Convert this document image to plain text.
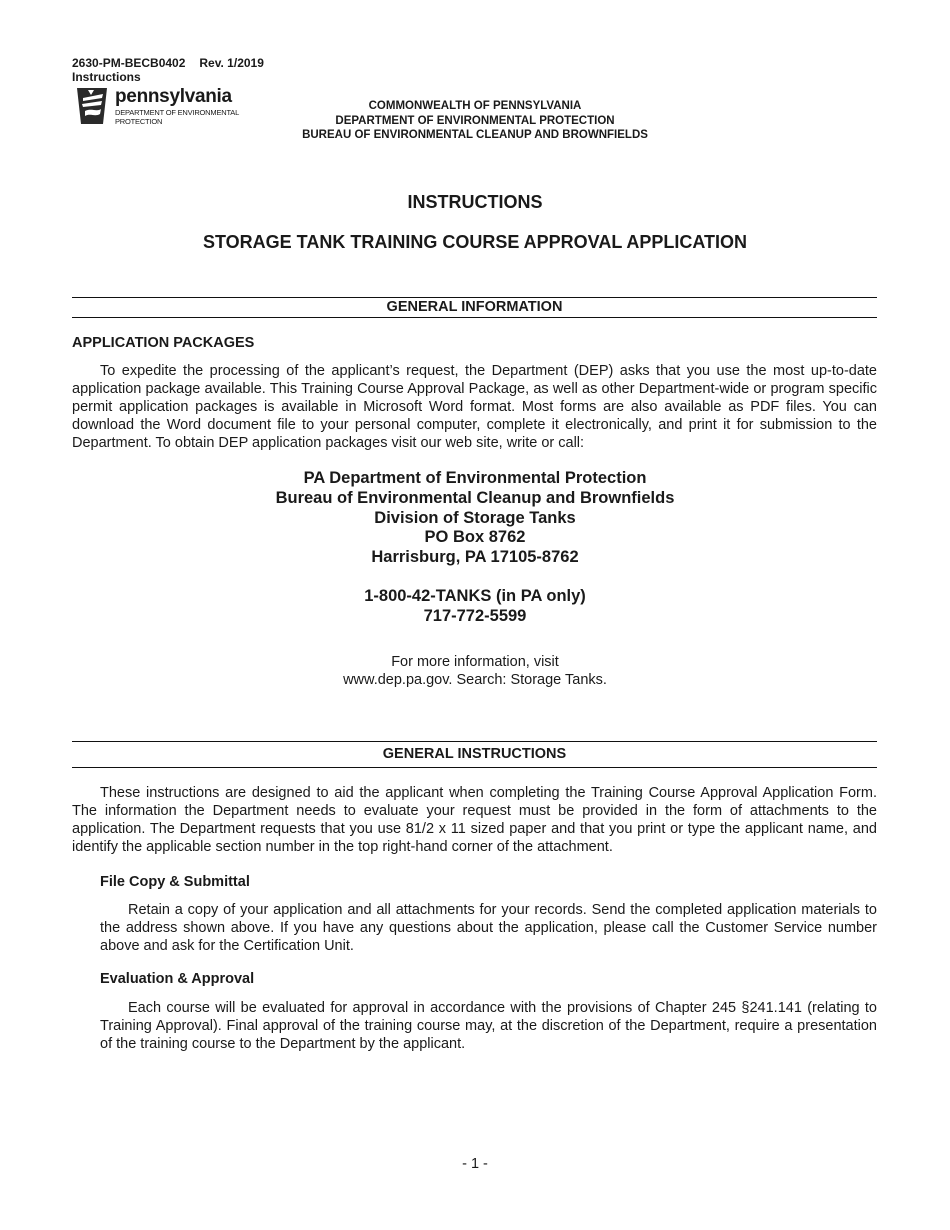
2630-PM-BECB0402 Rev. 1/2019
Instructions
pennsylvania
DEPARTMENT OF ENVIRONMENTAL
PROTECTION
COMMONWEALTH OF PENNSYLVANIA
DEPARTMENT OF ENVIRONMENTAL PROTECTION
BUREAU OF ENVIRONMENTAL CLEANUP AND BROWNFIELDS
INSTRUCTIONS
STORAGE TANK TRAINING COURSE APPROVAL APPLICATION
GENERAL INFORMATION
APPLICATION PACKAGES
To expedite the processing of the applicant’s request, the Department (DEP) asks that you use the most up-to-date application package available. This Training Course Approval Package, as well as other Department-wide or program specific permit application packages is available in Microsoft Word format. Most forms are also available as PDF files. You can download the Word document file to your personal computer, complete it electronically, and print it for submission to the Department. To obtain DEP application packages visit our web site, write or call:
PA Department of Environmental Protection
Bureau of Environmental Cleanup and Brownfields
Division of Storage Tanks
PO Box 8762
Harrisburg, PA 17105-8762
1-800-42-TANKS (in PA only)
717-772-5599
For more information, visit
www.dep.pa.gov. Search: Storage Tanks.
GENERAL INSTRUCTIONS
These instructions are designed to aid the applicant when completing the Training Course Approval Application Form. The information the Department needs to evaluate your request must be provided in the form of attachments to the application. The Department requests that you use 81/2 x 11 sized paper and that you print or type the applicant name, and identify the applicable section number in the top right-hand corner of the attachment.
File Copy & Submittal
Retain a copy of your application and all attachments for your records. Send the completed application materials to the address shown above. If you have any questions about the application, please call the Customer Service number above and ask for the Certification Unit.
Evaluation & Approval
Each course will be evaluated for approval in accordance with the provisions of Chapter 245 §241.141 (relating to Training Approval). Final approval of the training course may, at the discretion of the Department, require a presentation of the training course to the Department by the applicant.
- 1 -
